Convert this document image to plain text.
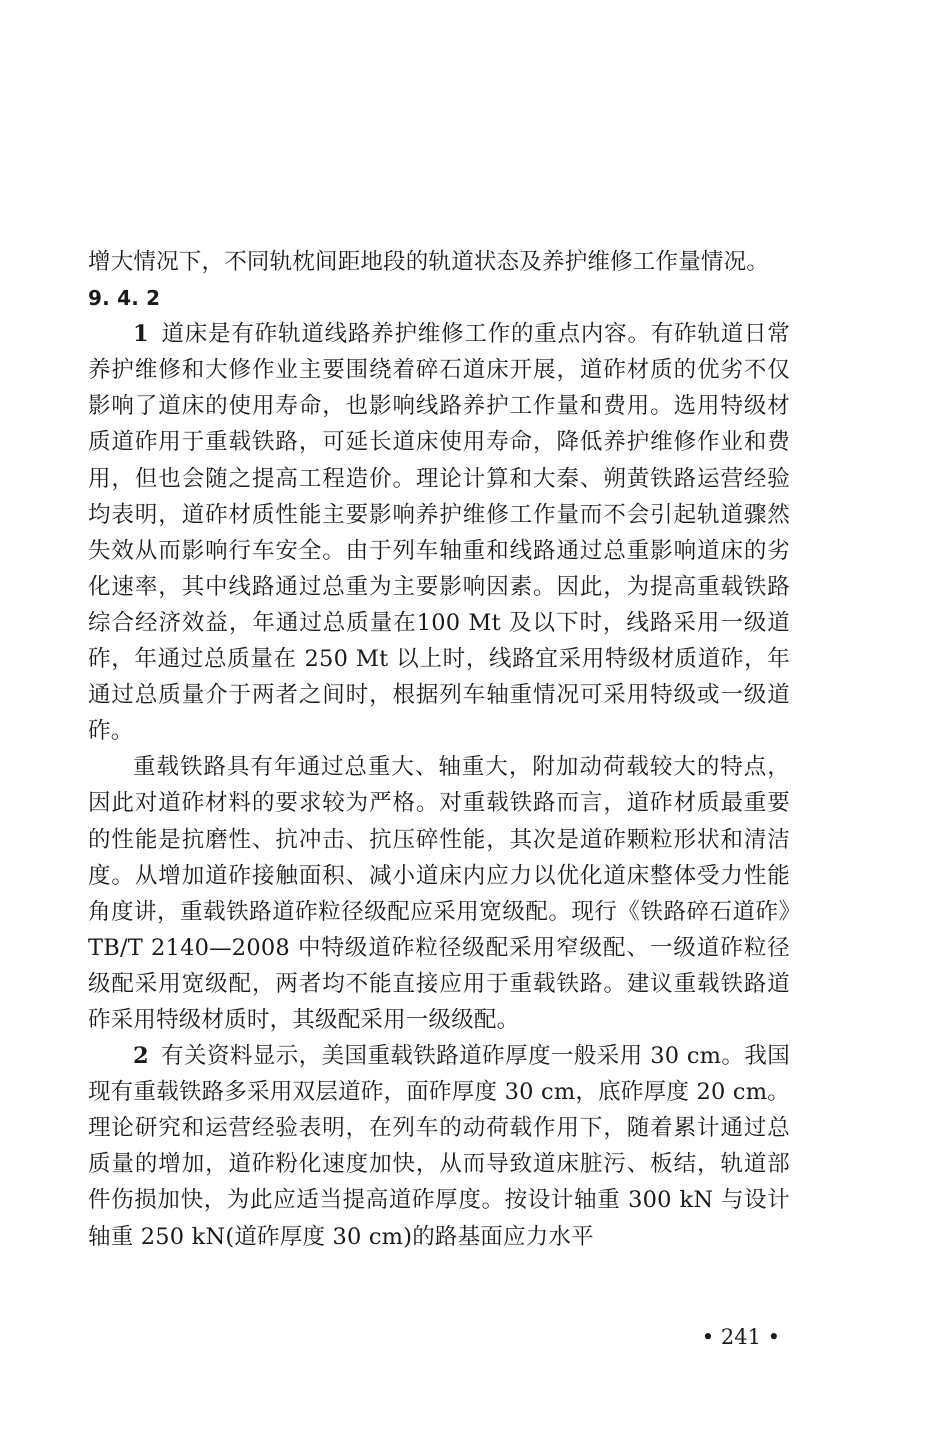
增大情况下，不同轨枕间距地段的轨道状态及养护维修工作量情况。

9. 4. 2

1 道床是有砟轨道线路养护维修工作的重点内容。有砟轨道日常养护维修和大修作业主要围绕着碎石道床开展，道砟材质的优劣不仅影响了道床的使用寿命，也影响线路养护工作量和费用。选用特级材质道砟用于重载铁路，可延长道床使用寿命，降低养护维修作业和费用，但也会随之提高工程造价。理论计算和大秦、朔黄铁路运营经验均表明，道砟材质性能主要影响养护维修工作量而不会引起轨道骤然失效从而影响行车安全。由于列车轴重和线路通过总重影响道床的劣化速率，其中线路通过总重为主要影响因素。因此，为提高重载铁路综合经济效益，年通过总质量在100 Mt 及以下时，线路采用一级道砟，年通过总质量在 250 Mt 以上时，线路宜采用特级材质道砟，年通过总质量介于两者之间时，根据列车轴重情况可采用特级或一级道砟。

重载铁路具有年通过总重大、轴重大，附加动荷载较大的特点，因此对道砟材料的要求较为严格。对重载铁路而言，道砟材质最重要的性能是抗磨性、抗冲击、抗压碎性能，其次是道砟颗粒形状和清洁度。从增加道砟接触面积、减小道床内应力以优化道床整体受力性能角度讲，重载铁路道砟粒径级配应采用宽级配。现行《铁路碎石道砟》TB/T 2140—2008 中特级道砟粒径级配采用窄级配、一级道砟粒径级配采用宽级配，两者均不能直接应用于重载铁路。建议重载铁路道砟采用特级材质时，其级配采用一级级配。

2 有关资料显示，美国重载铁路道砟厚度一般采用 30 cm。我国现有重载铁路多采用双层道砟，面砟厚度 30 cm，底砟厚度 20 cm。理论研究和运营经验表明，在列车的动荷载作用下，随着累计通过总质量的增加，道砟粉化速度加快，从而导致道床脏污、板结，轨道部件伤损加快，为此应适当提高道砟厚度。按设计轴重 300 kN 与设计轴重 250 kN(道砟厚度 30 cm)的路基面应力水平

• 241 •
